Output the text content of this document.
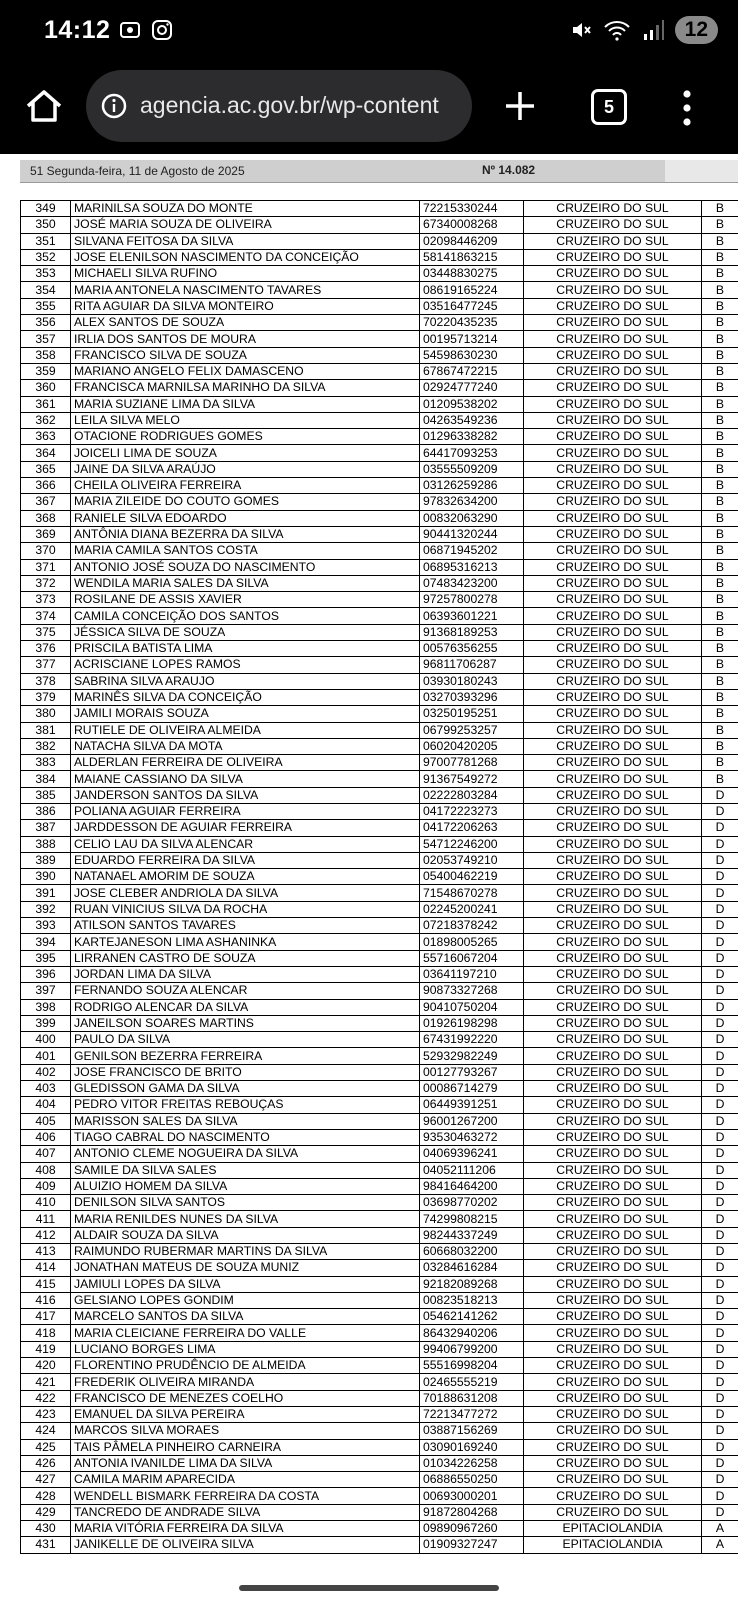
14:12	12
agencia.ac.gov.br/wp-content	5
51 Segunda-feira, 11 de Agosto de 2025	Nº 14.082
349	MARINILSA SOUZA DO MONTE	72215330244	CRUZEIRO DO SUL	B
350	JOSÉ MARIA SOUZA DE OLIVEIRA	67340008268	CRUZEIRO DO SUL	B
351	SILVANA FEITOSA DA SILVA	02098446209	CRUZEIRO DO SUL	B
352	JOSE ELENILSON NASCIMENTO DA CONCEIÇÃO	58141863215	CRUZEIRO DO SUL	B
353	MICHAELI SILVA RUFINO	03448830275	CRUZEIRO DO SUL	B
354	MARIA ANTONELA NASCIMENTO TAVARES	08619165224	CRUZEIRO DO SUL	B
355	RITA AGUIAR DA SILVA MONTEIRO	03516477245	CRUZEIRO DO SUL	B
356	ALEX SANTOS DE SOUZA	70220435235	CRUZEIRO DO SUL	B
357	IRLIA DOS SANTOS DE MOURA	00195713214	CRUZEIRO DO SUL	B
358	FRANCISCO SILVA DE SOUZA	54598630230	CRUZEIRO DO SUL	B
359	MARIANO ANGELO FELIX DAMASCENO	67867472215	CRUZEIRO DO SUL	B
360	FRANCISCA MARNILSA MARINHO DA SILVA	02924777240	CRUZEIRO DO SUL	B
361	MARIA SUZIANE LIMA DA SILVA	01209538202	CRUZEIRO DO SUL	B
362	LEILA SILVA MELO	04263549236	CRUZEIRO DO SUL	B
363	OTACIONE RODRIGUES GOMES	01296338282	CRUZEIRO DO SUL	B
364	JOICELI LIMA DE SOUZA	64417093253	CRUZEIRO DO SUL	B
365	JAINE DA SILVA ARAÚJO	03555509209	CRUZEIRO DO SUL	B
366	CHEILA OLIVEIRA FERREIRA	03126259286	CRUZEIRO DO SUL	B
367	MARIA ZILEIDE DO COUTO GOMES	97832634200	CRUZEIRO DO SUL	B
368	RANIELE SILVA EDOARDO	00832063290	CRUZEIRO DO SUL	B
369	ANTÔNIA DIANA BEZERRA DA SILVA	90441320244	CRUZEIRO DO SUL	B
370	MARIA CAMILA SANTOS COSTA	06871945202	CRUZEIRO DO SUL	B
371	ANTONIO JOSÉ SOUZA DO NASCIMENTO	06895316213	CRUZEIRO DO SUL	B
372	WENDILA MARIA SALES DA SILVA	07483423200	CRUZEIRO DO SUL	B
373	ROSILANE DE ASSIS XAVIER	97257800278	CRUZEIRO DO SUL	B
374	CAMILA CONCEIÇÃO DOS SANTOS	06393601221	CRUZEIRO DO SUL	B
375	JÉSSICA SILVA DE SOUZA	91368189253	CRUZEIRO DO SUL	B
376	PRISCILA BATISTA LIMA	00576356255	CRUZEIRO DO SUL	B
377	ACRISCIANE LOPES RAMOS	96811706287	CRUZEIRO DO SUL	B
378	SABRINA SILVA ARAUJO	03930180243	CRUZEIRO DO SUL	B
379	MARINÊS SILVA DA CONCEIÇÃO	03270393296	CRUZEIRO DO SUL	B
380	JAMILI MORAIS SOUZA	03250195251	CRUZEIRO DO SUL	B
381	RUTIELE DE OLIVEIRA ALMEIDA	06799253257	CRUZEIRO DO SUL	B
382	NATACHA SILVA DA MOTA	06020420205	CRUZEIRO DO SUL	B
383	ALDERLAN FERREIRA DE OLIVEIRA	97007781268	CRUZEIRO DO SUL	B
384	MAIANE CASSIANO DA SILVA	91367549272	CRUZEIRO DO SUL	B
385	JANDERSON SANTOS DA SILVA	02222803284	CRUZEIRO DO SUL	D
386	POLIANA AGUIAR FERREIRA	04172223273	CRUZEIRO DO SUL	D
387	JARDDESSON DE AGUIAR FERREIRA	04172206263	CRUZEIRO DO SUL	D
388	CELIO LAU DA SILVA ALENCAR	54712246200	CRUZEIRO DO SUL	D
389	EDUARDO FERREIRA DA SILVA	02053749210	CRUZEIRO DO SUL	D
390	NATANAEL AMORIM DE SOUZA	05400462219	CRUZEIRO DO SUL	D
391	JOSE CLEBER ANDRIOLA DA SILVA	71548670278	CRUZEIRO DO SUL	D
392	RUAN VINICIUS SILVA DA ROCHA	02245200241	CRUZEIRO DO SUL	D
393	ATILSON SANTOS TAVARES	07218378242	CRUZEIRO DO SUL	D
394	KARTEJANESON LIMA ASHANINKA	01898005265	CRUZEIRO DO SUL	D
395	LIRRANEN CASTRO DE SOUZA	55716067204	CRUZEIRO DO SUL	D
396	JORDAN LIMA DA SILVA	03641197210	CRUZEIRO DO SUL	D
397	FERNANDO SOUZA ALENCAR	90873327268	CRUZEIRO DO SUL	D
398	RODRIGO ALENCAR DA SILVA	90410750204	CRUZEIRO DO SUL	D
399	JANEILSON SOARES MARTINS	01926198298	CRUZEIRO DO SUL	D
400	PAULO DA SILVA	67431992220	CRUZEIRO DO SUL	D
401	GENILSON BEZERRA FERREIRA	52932982249	CRUZEIRO DO SUL	D
402	JOSE FRANCISCO DE BRITO	00127793267	CRUZEIRO DO SUL	D
403	GLEDISSON GAMA DA SILVA	00086714279	CRUZEIRO DO SUL	D
404	PEDRO VITOR FREITAS REBOUÇAS	06449391251	CRUZEIRO DO SUL	D
405	MARISSON SALES DA SILVA	96001267200	CRUZEIRO DO SUL	D
406	TIAGO CABRAL DO NASCIMENTO	93530463272	CRUZEIRO DO SUL	D
407	ANTONIO CLEME NOGUEIRA DA SILVA	04069396241	CRUZEIRO DO SUL	D
408	SAMILE DA SILVA SALES	04052111206	CRUZEIRO DO SUL	D
409	ALUIZIO HOMEM DA SILVA	98416464200	CRUZEIRO DO SUL	D
410	DENILSON SILVA SANTOS	03698770202	CRUZEIRO DO SUL	D
411	MARIA RENILDES NUNES DA SILVA	74299808215	CRUZEIRO DO SUL	D
412	ALDAIR SOUZA DA SILVA	98244337249	CRUZEIRO DO SUL	D
413	RAIMUNDO RUBERMAR MARTINS DA SILVA	60668032200	CRUZEIRO DO SUL	D
414	JONATHAN MATEUS DE SOUZA MUNIZ	03284616284	CRUZEIRO DO SUL	D
415	JAMIULI LOPES DA SILVA	92182089268	CRUZEIRO DO SUL	D
416	GELSIANO LOPES GONDIM	00823518213	CRUZEIRO DO SUL	D
417	MARCELO SANTOS DA SILVA	05462141262	CRUZEIRO DO SUL	D
418	MARIA CLEICIANE FERREIRA DO VALLE	86432940206	CRUZEIRO DO SUL	D
419	LUCIANO BORGES LIMA	99406799200	CRUZEIRO DO SUL	D
420	FLORENTINO PRUDÊNCIO DE ALMEIDA	55516998204	CRUZEIRO DO SUL	D
421	FREDERIK OLIVEIRA MIRANDA	02465555219	CRUZEIRO DO SUL	D
422	FRANCISCO DE MENEZES COELHO	70188631208	CRUZEIRO DO SUL	D
423	EMANUEL DA SILVA PEREIRA	72213477272	CRUZEIRO DO SUL	D
424	MARCOS SILVA MORAES	03887156269	CRUZEIRO DO SUL	D
425	TAIS PÂMELA PINHEIRO CARNEIRA	03090169240	CRUZEIRO DO SUL	D
426	ANTONIA IVANILDE LIMA DA SILVA	01034226258	CRUZEIRO DO SUL	D
427	CAMILA MARIM APARECIDA	06886550250	CRUZEIRO DO SUL	D
428	WENDELL BISMARK FERREIRA DA COSTA	00693000201	CRUZEIRO DO SUL	D
429	TANCREDO DE ANDRADE SILVA	91872804268	CRUZEIRO DO SUL	D
430	MARIA VITÓRIA FERREIRA DA SILVA	09890967260	EPITACIOLANDIA	A
431	JANIKELLE DE OLIVEIRA SILVA	01909327247	EPITACIOLANDIA	A
